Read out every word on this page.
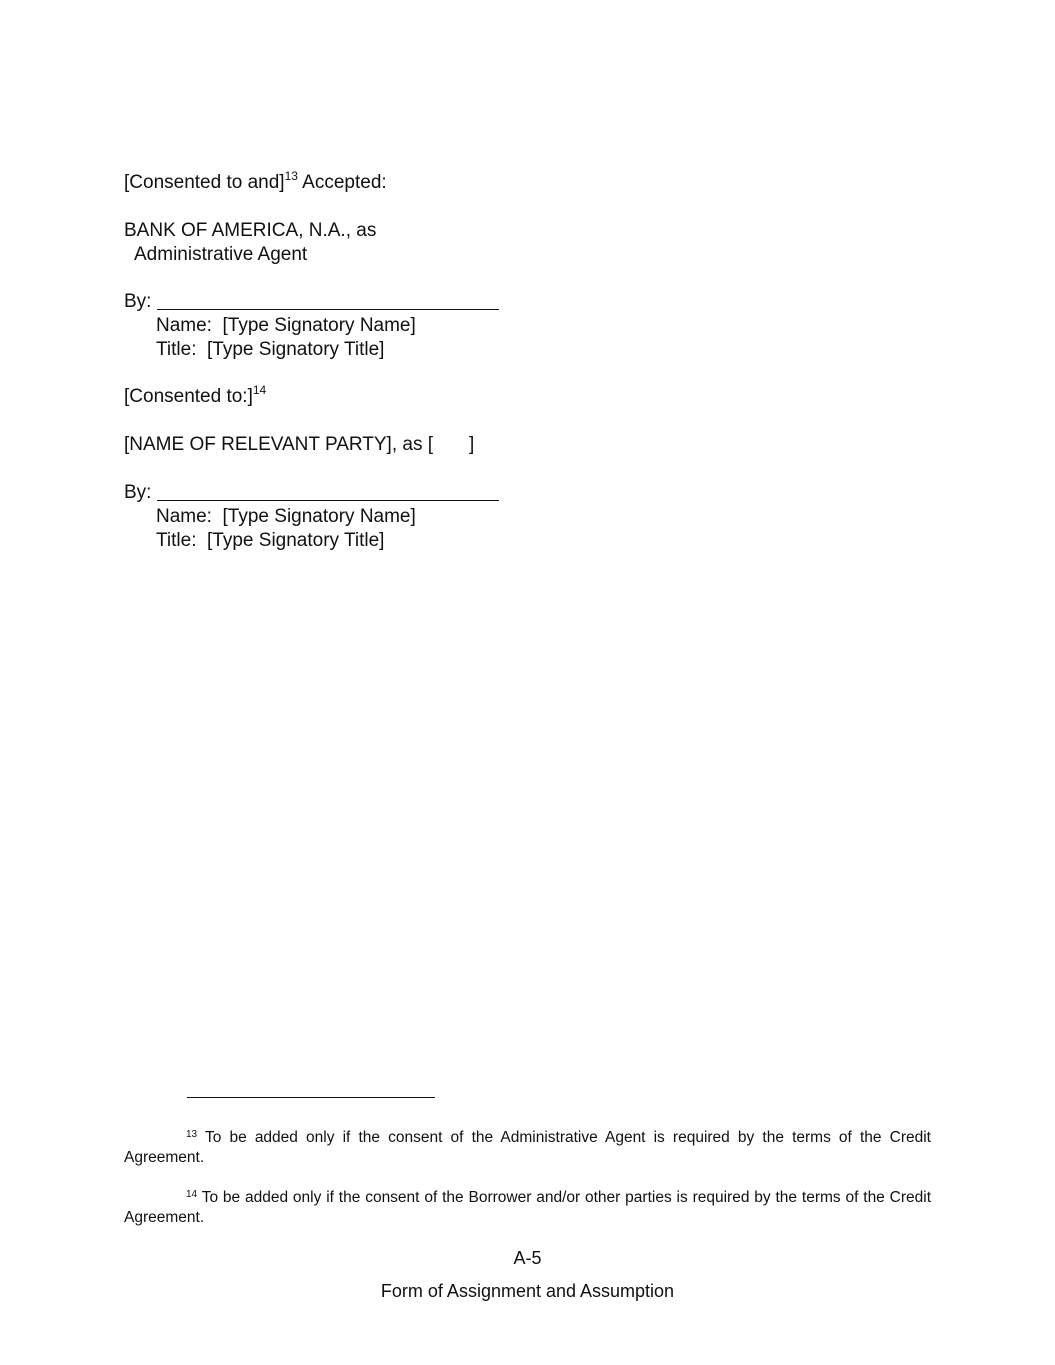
[Consented to and]$^{13}$ Accepted:
BANK OF AMERICA, N.A., as
Administrative Agent
By:
Name:  [Type Signatory Name]
Title:  [Type Signatory Title]
[Consented to:]$^{14}$
[NAME OF RELEVANT PARTY], as [ ]
By:
Name:  [Type Signatory Name]
Title:  [Type Signatory Title]
$^{13}$ To be added only if the consent of the Administrative Agent is required by the terms of the Credit
Agreement.
$^{14}$ To be added only if the consent of the Borrower and/or other parties is required by the terms of the Credit
Agreement.
A-5
Form of Assignment and Assumption
